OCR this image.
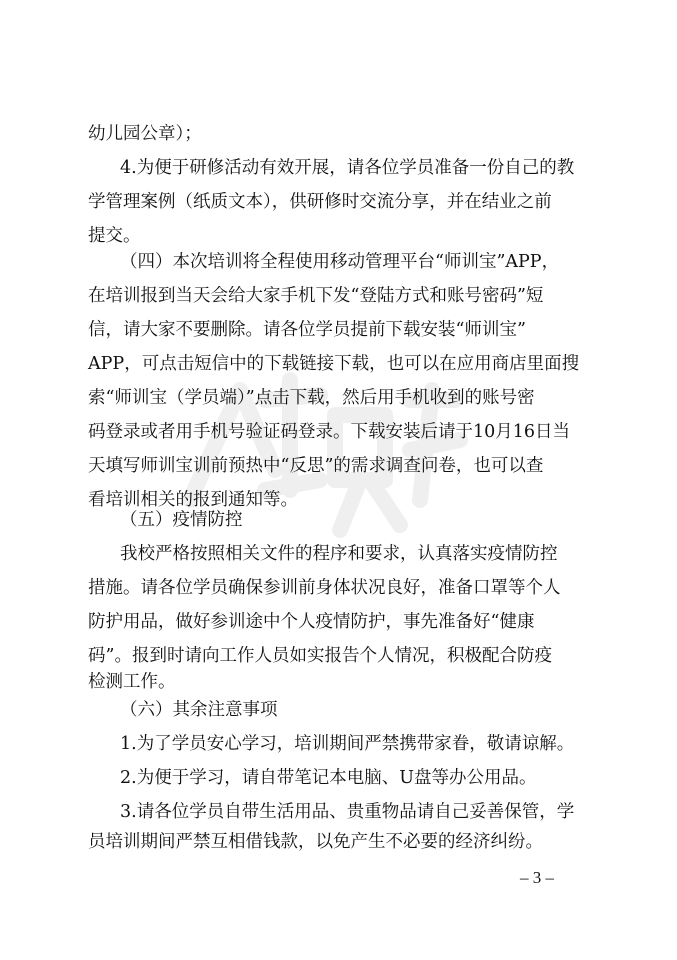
幼儿园公章）；
4.为便于研修活动有效开展，请各位学员准备一份自己的教
学管理案例（纸质文本），供研修时交流分享，并在结业之前
提交。
（四）本次培训将全程使用移动管理平台“师训宝”APP，
在培训报到当天会给大家手机下发“登陆方式和账号密码”短
信，请大家不要删除。请各位学员提前下载安装“师训宝”
APP，可点击短信中的下载链接下载，也可以在应用商店里面搜
索“师训宝（学员端）”点击下载，然后用手机收到的账号密
码登录或者用手机号验证码登录。下载安装后请于10月16日当
天填写师训宝训前预热中“反思”的需求调查问卷，也可以查
看培训相关的报到通知等。
（五）疫情防控
我校严格按照相关文件的程序和要求，认真落实疫情防控
措施。请各位学员确保参训前身体状况良好，准备口罩等个人
防护用品，做好参训途中个人疫情防护，事先准备好“健康
码”。报到时请向工作人员如实报告个人情况，积极配合防疫
检测工作。
（六）其余注意事项
1.为了学员安心学习，培训期间严禁携带家眷，敬请谅解。
2.为便于学习，请自带笔记本电脑、U盘等办公用品。
3.请各位学员自带生活用品、贵重物品请自己妥善保管，学
员培训期间严禁互相借钱款，以免产生不必要的经济纠纷。
– 3 –
